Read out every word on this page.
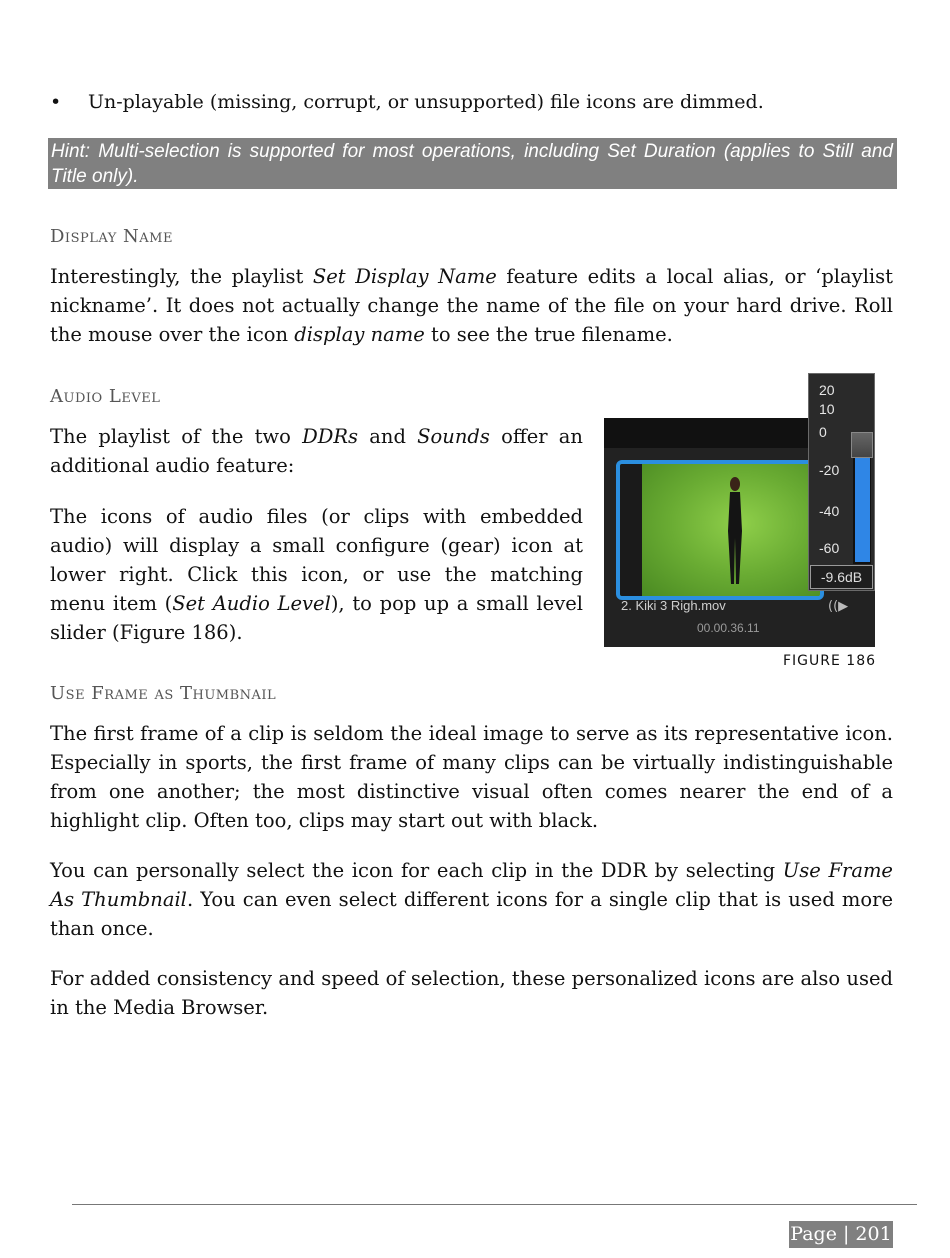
•	Un-playable (missing, corrupt, or unsupported) file icons are dimmed.
Hint: Multi-selection is supported for most operations, including Set Duration (applies to Still and Title only).
Display Name
Interestingly, the playlist Set Display Name feature edits a local alias, or ‘playlist nickname’. It does not actually change the name of the file on your hard drive. Roll the mouse over the icon display name to see the true filename.
Audio Level
The playlist of the two DDRs and Sounds offer an additional audio feature:
The icons of audio files (or clips with embedded audio) will display a small configure (gear) icon at lower right. Click this icon, or use the matching menu item (Set Audio Level), to pop up a small level slider (Figure 186).
2. Kiki 3 Righ.mov
00.00.36.11
((▶
20
10
0
-20
-40
-60
-9.6dB
FIGURE 186
Use Frame as Thumbnail
The first frame of a clip is seldom the ideal image to serve as its representative icon. Especially in sports, the first frame of many clips can be virtually indistinguishable from one another; the most distinctive visual often comes nearer the end of a highlight clip. Often too, clips may start out with black.
You can personally select the icon for each clip in the DDR by selecting Use Frame As Thumbnail. You can even select different icons for a single clip that is used more than once.
For added consistency and speed of selection, these personalized icons are also used in the Media Browser.
Page | 201
